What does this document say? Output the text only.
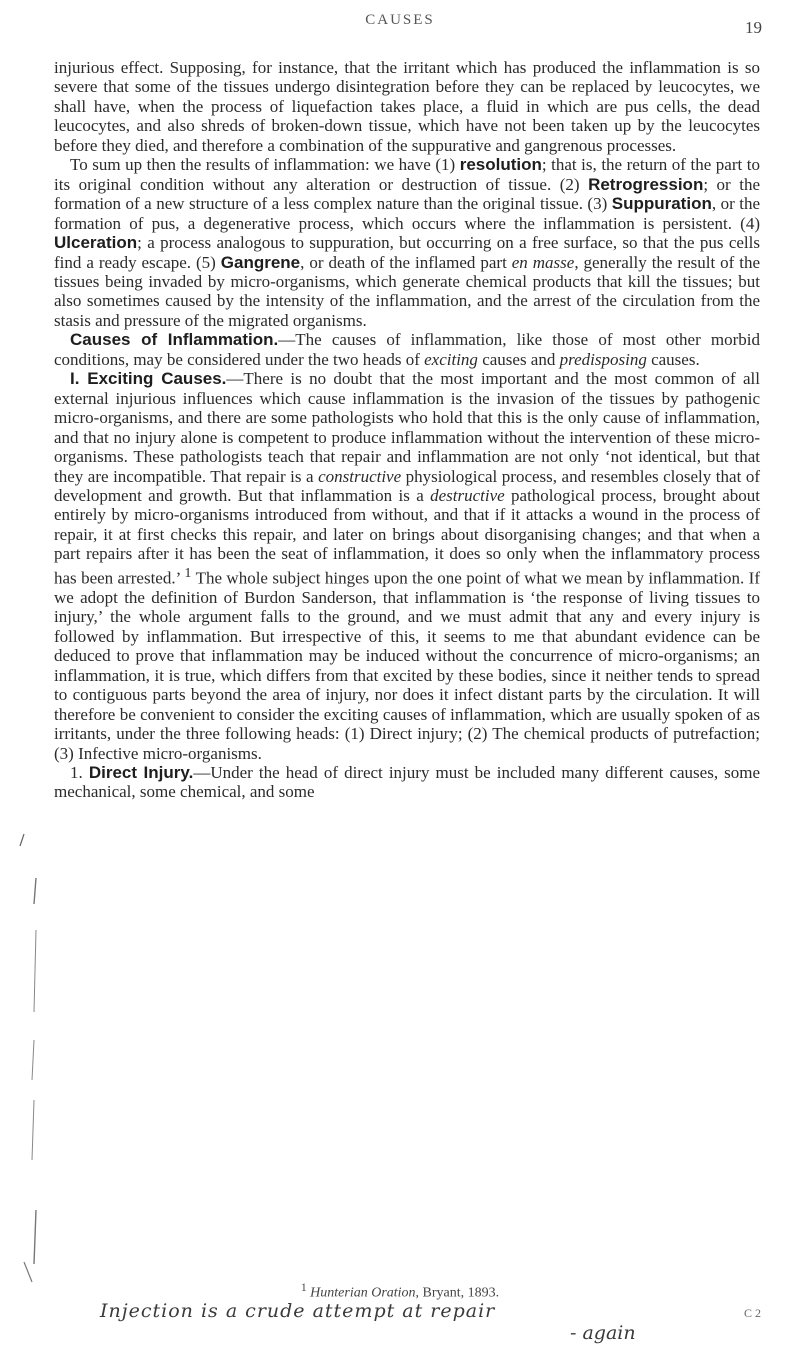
CAUSES	19

injurious effect. Supposing, for instance, that the irritant which has produced the inflammation is so severe that some of the tissues undergo disintegration before they can be replaced by leucocytes, we shall have, when the process of liquefaction takes place, a fluid in which are pus cells, the dead leucocytes, and also shreds of broken-down tissue, which have not been taken up by the leucocytes before they died, and therefore a combination of the suppurative and gangrenous processes.

To sum up then the results of inflammation: we have (1) resolution; that is, the return of the part to its original condition without any alteration or destruction of tissue. (2) Retrogression; or the formation of a new structure of a less complex nature than the original tissue. (3) Suppuration, or the formation of pus, a degenerative process, which occurs where the inflammation is persistent. (4) Ulceration; a process analogous to suppuration, but occurring on a free surface, so that the pus cells find a ready escape. (5) Gangrene, or death of the inflamed part en masse, generally the result of the tissues being invaded by micro-organisms, which generate chemical products that kill the tissues; but also sometimes caused by the intensity of the inflammation, and the arrest of the circulation from the stasis and pressure of the migrated organisms.

Causes of Inflammation.—The causes of inflammation, like those of most other morbid conditions, may be considered under the two heads of exciting causes and predisposing causes.

I. Exciting Causes.—There is no doubt that the most important and the most common of all external injurious influences which cause inflammation is the invasion of the tissues by pathogenic micro-organisms, and there are some pathologists who hold that this is the only cause of inflammation, and that no injury alone is competent to produce inflammation without the intervention of these micro-organisms. These pathologists teach that repair and inflammation are not only ‘not identical, but that they are incompatible. That repair is a constructive physiological process, and resembles closely that of development and growth. But that inflammation is a destructive pathological process, brought about entirely by micro-organisms introduced from without, and that if it attacks a wound in the process of repair, it at first checks this repair, and later on brings about disorganising changes; and that when a part repairs after it has been the seat of inflammation, it does so only when the inflammatory process has been arrested.’ $^1$ The whole subject hinges upon the one point of what we mean by inflammation. If we adopt the definition of Burdon Sanderson, that inflammation is ‘the response of living tissues to injury,’ the whole argument falls to the ground, and we must admit that any and every injury is followed by inflammation. But irrespective of this, it seems to me that abundant evidence can be deduced to prove that inflammation may be induced without the concurrence of micro-organisms; an inflammation, it is true, which differs from that excited by these bodies, since it neither tends to spread to contiguous parts beyond the area of injury, nor does it infect distant parts by the circulation. It will therefore be convenient to consider the exciting causes of inflammation, which are usually spoken of as irritants, under the three following heads: (1) Direct injury; (2) The chemical products of putrefaction; (3) Infective micro-organisms.

1. Direct Injury.—Under the head of direct injury must be included many different causes, some mechanical, some chemical, and some

$^1$ Hunterian Oration, Bryant, 1893.
Injection is a crude attempt at repair
- again
C 2
